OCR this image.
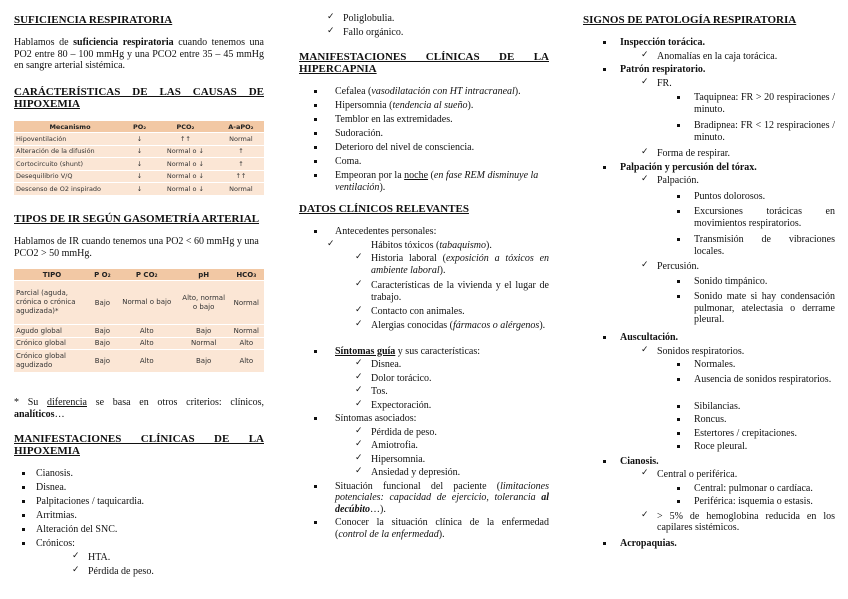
SUFICIENCIA RESPIRATORIA

Hablamos de suficiencia respiratoria cuando tenemos una PO2 entre 80 – 100 mmHg y una PCO2 entre 35 – 45 mmHg en sangre arterial sistémica.

CARÁCTERÍSTICAS DE LAS CAUSAS DE HIPOXEMIA

Mecanismo	PO₂	PCO₂	A-aPO₂
Hipoventilación	↓	↑↑	Normal
Alteración de la difusión	↓	Normal o ↓	↑
Cortocircuito (shunt)	↓	Normal o ↓	↑
Desequilibrio V/Q	↓	Normal o ↓	↑↑
Descenso de O2 inspirado	↓	Normal o ↓	Normal

TIPOS DE IR SEGÚN GASOMETRÍA ARTERIAL

Hablamos de IR cuando tenemos una PO2 < 60 mmHg y una PCO2 > 50 mmHg.

TIPO	P O₂	P CO₂	pH	HCO₃
Parcial (aguda, crónica o crónica agudizada)*	Bajo	Normal o bajo	Alto, normal o bajo	Normal
Agudo global	Bajo	Alto	Bajo	Normal
Crónico global	Bajo	Alto	Normal	Alto
Crónico global agudizado	Bajo	Alto	Bajo	Alto

* Su diferencia se basa en otros criterios: clínicos, analíticos…

MANIFESTACIONES CLÍNICAS DE LA HIPOXEMIA

Cianosis.
Disnea.
Palpitaciones / taquicardia.
Arritmias.
Alteración del SNC.
Crónicos:
✓ HTA.
✓ Pérdida de peso.
✓ Poliglobulia.
✓ Fallo orgánico.

MANIFESTACIONES CLÍNICAS DE LA HIPERCAPNIA

Cefalea (vasodilatación con HT intracraneal).
Hipersomnia (tendencia al sueño).
Temblor en las extremidades.
Sudoración.
Deterioro del nivel de consciencia.
Coma.
Empeoran por la noche (en fase REM disminuye la ventilación).

DATOS CLÍNICOS RELEVANTES

Antecedentes personales:
✓ Hábitos tóxicos (tabaquismo).
✓ Historia laboral (exposición a tóxicos en ambiente laboral).
✓ Características de la vivienda y el lugar de trabajo.
✓ Contacto con animales.
✓ Alergias conocidas (fármacos o alérgenos).
Síntomas guía y sus características:
✓ Disnea.
✓ Dolor torácico.
✓ Tos.
✓ Expectoración.
Síntomas asociados:
✓ Pérdida de peso.
✓ Amiotrofia.
✓ Hipersomnia.
✓ Ansiedad y depresión.
Situación funcional del paciente (limitaciones potenciales: capacidad de ejercicio, tolerancia al decúbito…).
Conocer la situación clínica de la enfermedad (control de la enfermedad).

SIGNOS DE PATOLOGÍA RESPIRATORIA

Inspección torácica.
✓ Anomalías en la caja torácica.
Patrón respiratorio.
✓ FR.
Taquipnea: FR > 20 respiraciones / minuto.
Bradipnea: FR < 12 respiraciones / minuto.
✓ Forma de respirar.
Palpación y percusión del tórax.
✓ Palpación.
Puntos dolorosos.
Excursiones torácicas en movimientos respiratorios.
Transmisión de vibraciones locales.
✓ Percusión.
Sonido timpánico.
Sonido mate si hay condensación pulmonar, atelectasia o derrame pleural.
Auscultación.
✓ Sonidos respiratorios.
Normales.
Ausencia de sonidos respiratorios.
Sibilancias.
Roncus.
Estertores / crepitaciones.
Roce pleural.
Cianosis.
✓ Central o periférica.
Central: pulmonar o cardíaca.
Periférica: isquemia o estasis.
✓ > 5% de hemoglobina reducida en los capilares sistémicos.
Acropaquias.
